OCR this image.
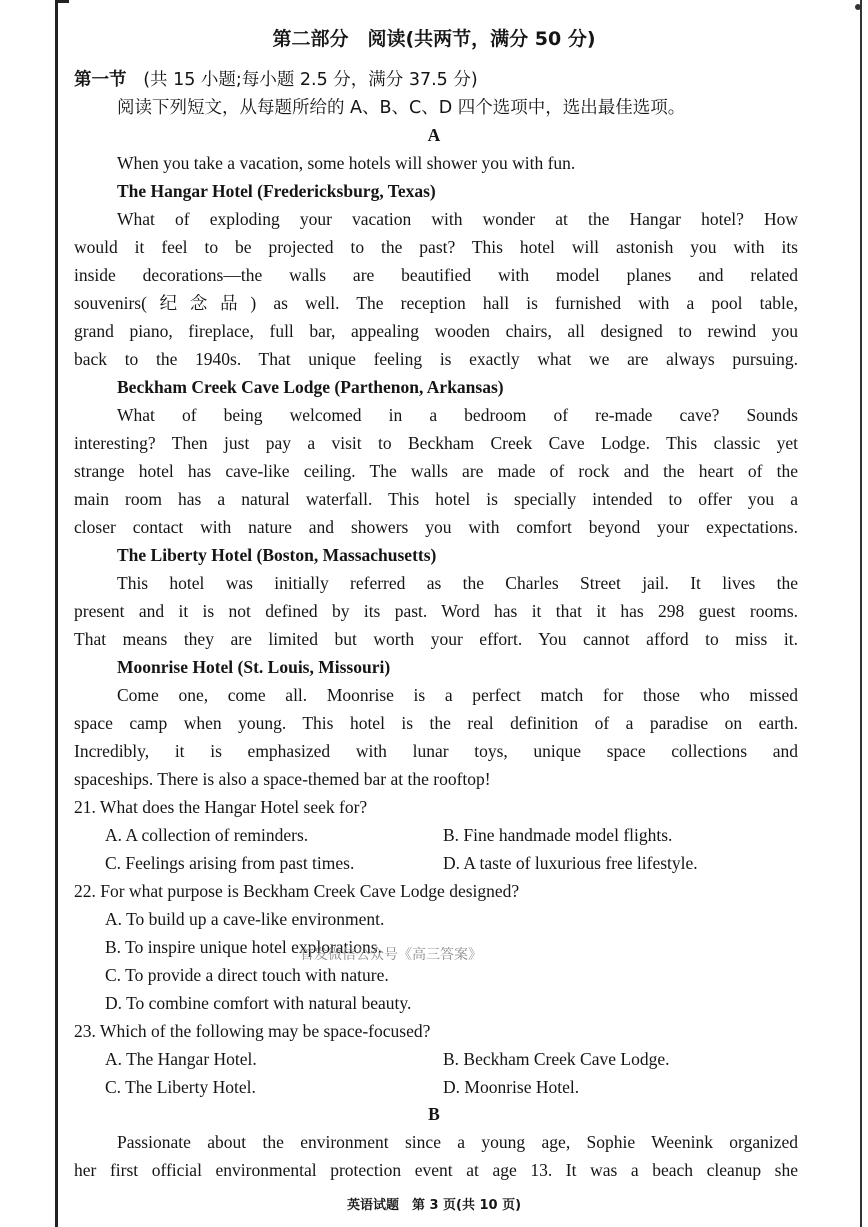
第二部分　阅读(共两节，满分 50 分)
第一节 (共 15 小题;每小题 2.5 分，满分 37.5 分)
阅读下列短文，从每题所给的 A、B、C、D 四个选项中，选出最佳选项。
A
When you take a vacation, some hotels will shower you with fun.
The Hangar Hotel (Fredericksburg, Texas)
What of exploding your vacation with wonder at the Hangar hotel? How
would it feel to be projected to the past? This hotel will astonish you with its
inside decorations—the walls are beautified with model planes and related
souvenirs(纪念品) as well. The reception hall is furnished with a pool table,
grand piano, fireplace, full bar, appealing wooden chairs, all designed to rewind you
back to the 1940s. That unique feeling is exactly what we are always pursuing.
Beckham Creek Cave Lodge (Parthenon, Arkansas)
What of being welcomed in a bedroom of re-made cave? Sounds
interesting? Then just pay a visit to Beckham Creek Cave Lodge. This classic yet
strange hotel has cave-like ceiling. The walls are made of rock and the heart of the
main room has a natural waterfall. This hotel is specially intended to offer you a
closer contact with nature and showers you with comfort beyond your expectations.
The Liberty Hotel (Boston, Massachusetts)
This hotel was initially referred as the Charles Street jail. It lives the
present and it is not defined by its past. Word has it that it has 298 guest rooms.
That means they are limited but worth your effort. You cannot afford to miss it.
Moonrise Hotel (St. Louis, Missouri)
Come one, come all. Moonrise is a perfect match for those who missed
space camp when young. This hotel is the real definition of a paradise on earth.
Incredibly, it is emphasized with lunar toys, unique space collections and
spaceships. There is also a space-themed bar at the rooftop!
21. What does the Hangar Hotel seek for?
A. A collection of reminders.	B. Fine handmade model flights.
C. Feelings arising from past times.	D. A taste of luxurious free lifestyle.
22. For what purpose is Beckham Creek Cave Lodge designed?
A. To build up a cave-like environment.
B. To inspire unique hotel explorations.
C. To provide a direct touch with nature.
D. To combine comfort with natural beauty.
首发微信公众号《高三答案》
23. Which of the following may be space-focused?
A. The Hangar Hotel.	B. Beckham Creek Cave Lodge.
C. The Liberty Hotel.	D. Moonrise Hotel.
B
Passionate about the environment since a young age, Sophie Weenink organized
her first official environmental protection event at age 13. It was a beach cleanup she
英语试题　第 3 页(共 10 页)
